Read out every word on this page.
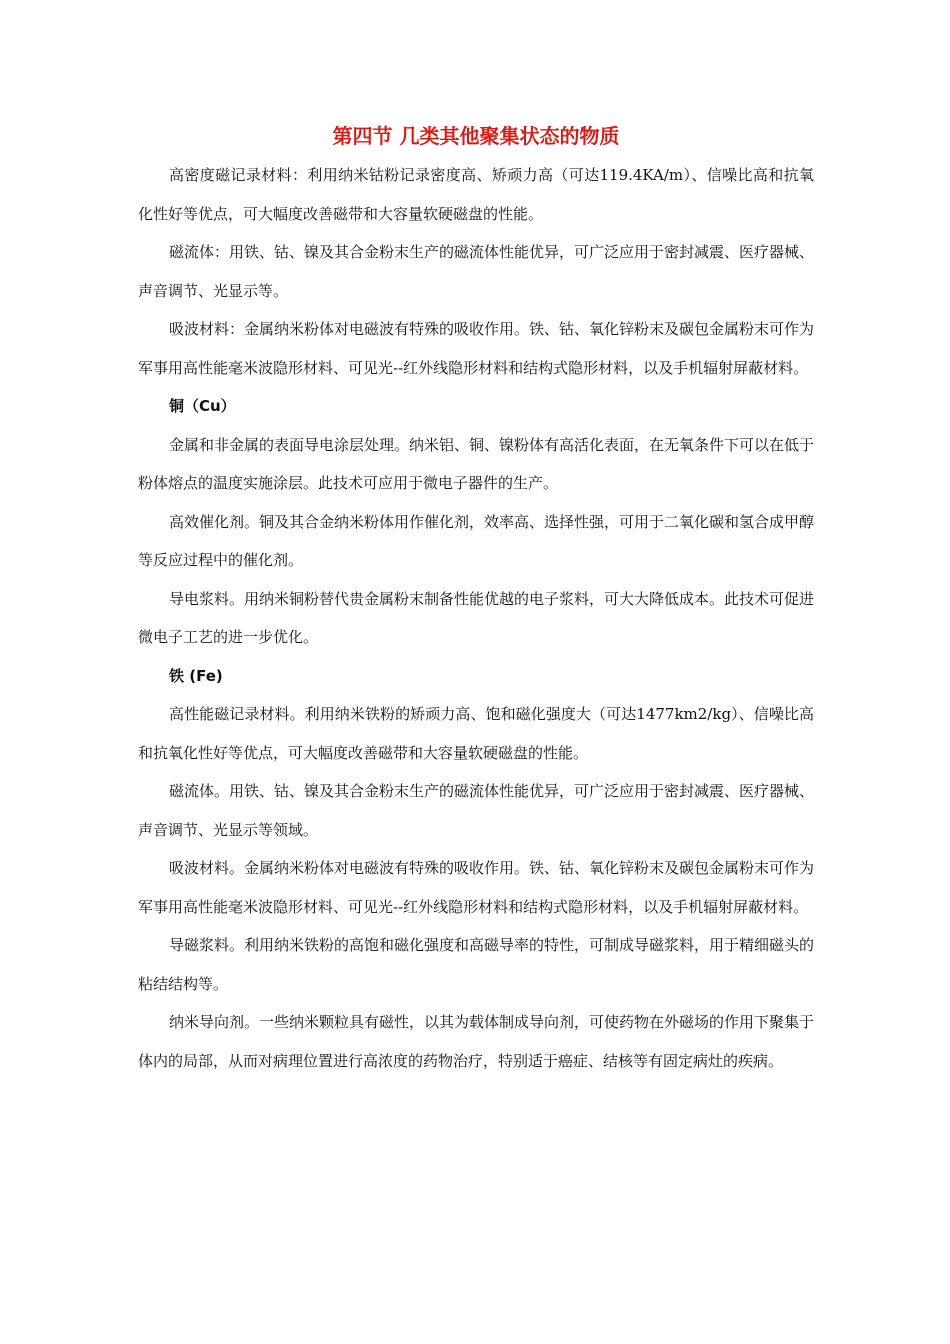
第四节 几类其他聚集状态的物质

高密度磁记录材料：利用纳米钴粉记录密度高、矫顽力高（可达119.4KA/m）、信噪比高和抗氧化性好等优点，可大幅度改善磁带和大容量软硬磁盘的性能。

磁流体：用铁、钴、镍及其合金粉末生产的磁流体性能优异，可广泛应用于密封减震、医疗器械、声音调节、光显示等。

吸波材料：金属纳米粉体对电磁波有特殊的吸收作用。铁、钴、氧化锌粉末及碳包金属粉末可作为军事用高性能毫米波隐形材料、可见光--红外线隐形材料和结构式隐形材料，以及手机辐射屏蔽材料。

铜（Cu）

金属和非金属的表面导电涂层处理。纳米铝、铜、镍粉体有高活化表面，在无氧条件下可以在低于粉体熔点的温度实施涂层。此技术可应用于微电子器件的生产。

高效催化剂。铜及其合金纳米粉体用作催化剂，效率高、选择性强，可用于二氧化碳和氢合成甲醇等反应过程中的催化剂。

导电浆料。用纳米铜粉替代贵金属粉末制备性能优越的电子浆料，可大大降低成本。此技术可促进微电子工艺的进一步优化。

铁 (Fe)

高性能磁记录材料。利用纳米铁粉的矫顽力高、饱和磁化强度大（可达1477km2/kg）、信噪比高和抗氧化性好等优点，可大幅度改善磁带和大容量软硬磁盘的性能。

磁流体。用铁、钴、镍及其合金粉末生产的磁流体性能优异，可广泛应用于密封减震、医疗器械、声音调节、光显示等领域。

吸波材料。金属纳米粉体对电磁波有特殊的吸收作用。铁、钴、氧化锌粉末及碳包金属粉末可作为军事用高性能毫米波隐形材料、可见光--红外线隐形材料和结构式隐形材料，以及手机辐射屏蔽材料。

导磁浆料。利用纳米铁粉的高饱和磁化强度和高磁导率的特性，可制成导磁浆料，用于精细磁头的粘结结构等。

纳米导向剂。一些纳米颗粒具有磁性，以其为载体制成导向剂，可使药物在外磁场的作用下聚集于体内的局部，从而对病理位置进行高浓度的药物治疗，特别适于癌症、结核等有固定病灶的疾病。
